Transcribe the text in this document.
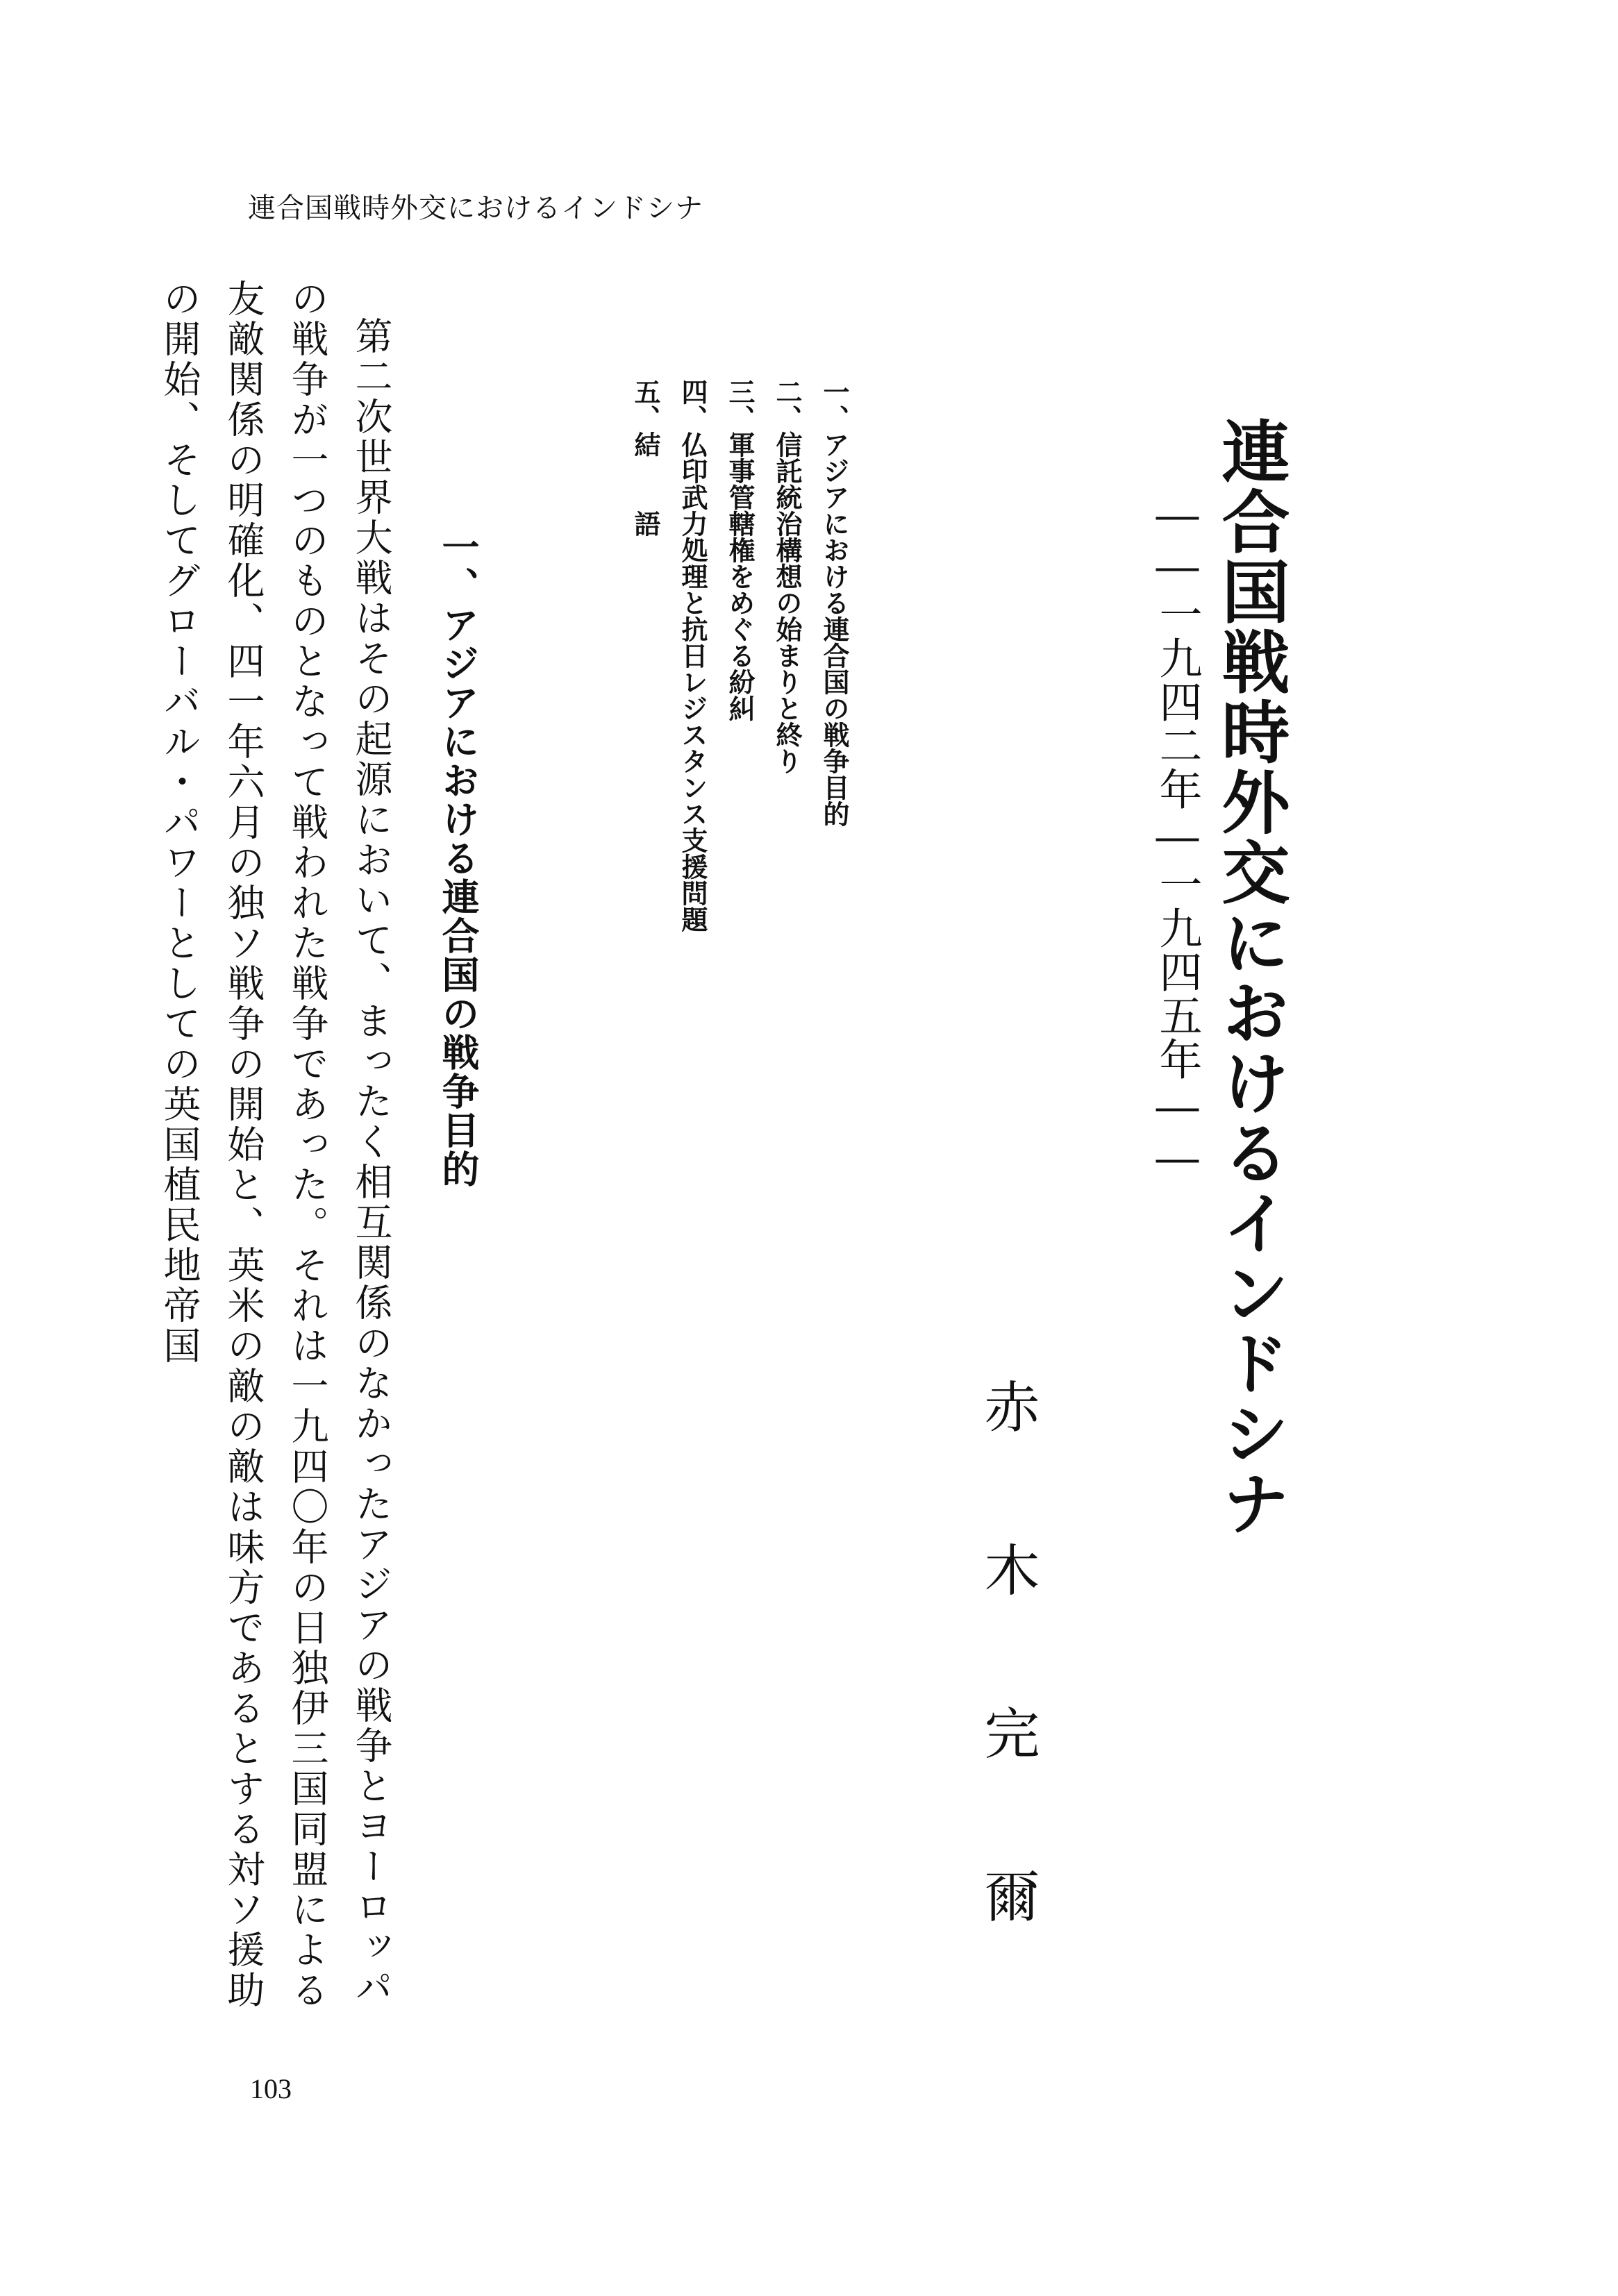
連合国戦時外交におけるインドシナ
連合国戦時外交におけるインドシナ
――一九四二年―一九四五年――
赤木完爾
一、アジアにおける連合国の戦争目的
二、信託統治構想の始まりと終り
三、軍事管轄権をめぐる紛糾
四、仏印武力処理と抗日レジスタンス支援問題
五、結　　語
一、アジアにおける連合国の戦争目的

第二次世界大戦はその起源において、まったく相互関係のなかったアジアの戦争とヨーロッパの戦争が一つのものとなって戦われた戦争であった。それは一九四〇年の日独伊三国同盟による友敵関係の明確化、四一年六月の独ソ戦争の開始と、英米の敵の敵は味方であるとする対ソ援助の開始、そしてグローバル・パワーとしての英国植民地帝国

103
